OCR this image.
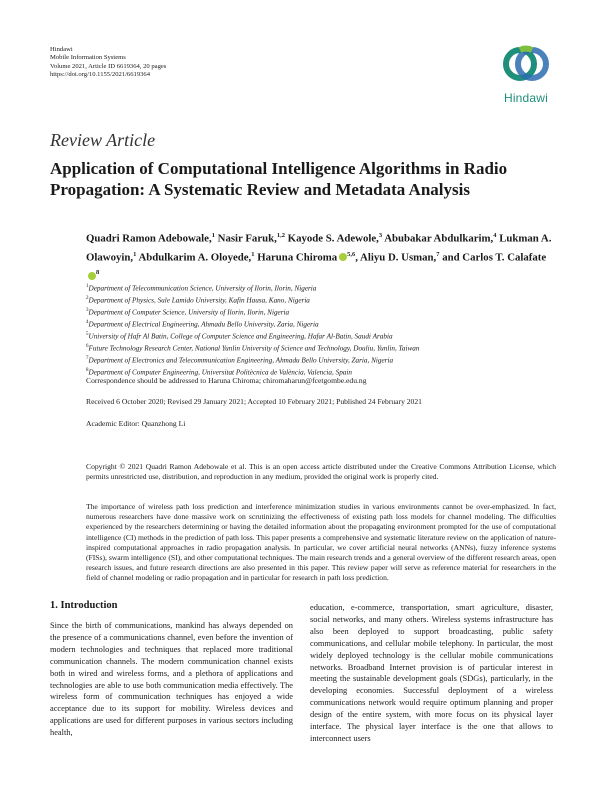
Hindawi
Mobile Information Systems
Volume 2021, Article ID 6619364, 20 pages
https://doi.org/10.1155/2021/6619364
Hindawi
Review Article
Application of Computational Intelligence Algorithms in Radio Propagation: A Systematic Review and Metadata Analysis
Quadri Ramon Adebowale,$^1$ Nasir Faruk,$^{1,2}$ Kayode S. Adewole,$^3$ Abubakar Abdulkarim,$^4$ Lukman A. Olawoyin,$^1$ Abdulkarim A. Oloyede,$^1$ Haruna Chiroma $^{5,6}$, Aliyu D. Usman,$^7$ and Carlos T. Calafate$^8$
$^1$Department of Telecommunication Science, University of Ilorin, Ilorin, Nigeria
$^2$Department of Physics, Sule Lamido University, Kafin Hausa, Kano, Nigeria
$^3$Department of Computer Science, University of Ilorin, Ilorin, Nigeria
$^4$Department of Electrical Engineering, Ahmadu Bello University, Zaria, Nigeria
$^5$University of Hafr Al Batin, College of Computer Science and Engineering, Hafar Al-Batin, Saudi Arabia
$^6$Future Technology Research Center, National Yunlin University of Science and Technology, Douliu, Yunlin, Taiwan
$^7$Department of Electronics and Telecommunication Engineering, Ahmadu Bello University, Zaria, Nigeria
$^8$Department of Computer Engineering, Universitat Politècnica de València, Valencia, Spain
Correspondence should be addressed to Haruna Chiroma; chiromaharun@fcetgombe.edu.ng
Received 6 October 2020; Revised 29 January 2021; Accepted 10 February 2021; Published 24 February 2021
Academic Editor: Quanzhong Li
Copyright © 2021 Quadri Ramon Adebowale et al. This is an open access article distributed under the Creative Commons Attribution License, which permits unrestricted use, distribution, and reproduction in any medium, provided the original work is properly cited.
The importance of wireless path loss prediction and interference minimization studies in various environments cannot be over-emphasized. In fact, numerous researchers have done massive work on scrutinizing the effectiveness of existing path loss models for channel modeling. The difficulties experienced by the researchers determining or having the detailed information about the propagating environment prompted for the use of computational intelligence (CI) methods in the prediction of path loss. This paper presents a comprehensive and systematic literature review on the application of nature-inspired computational approaches in radio propagation analysis. In particular, we cover artificial neural networks (ANNs), fuzzy inference systems (FISs), swarm intelligence (SI), and other computational techniques. The main research trends and a general overview of the different research areas, open research issues, and future research directions are also presented in this paper. This review paper will serve as reference material for researchers in the field of channel modeling or radio propagation and in particular for research in path loss prediction.
1. Introduction
Since the birth of communications, mankind has always depended on the presence of a communications channel, even before the invention of modern technologies and techniques that replaced more traditional communication channels. The modern communication channel exists both in wired and wireless forms, and a plethora of applications and technologies are able to use both communication media effectively. The wireless form of communication techniques has enjoyed a wide acceptance due to its support for mobility. Wireless devices and applications are used for different purposes in various sectors including health,
education, e-commerce, transportation, smart agriculture, disaster, social networks, and many others. Wireless systems infrastructure has also been deployed to support broadcasting, public safety communications, and cellular mobile telephony. In particular, the most widely deployed technology is the cellular mobile communications networks. Broadband Internet provision is of particular interest in meeting the sustainable development goals (SDGs), particularly, in the developing economies. Successful deployment of a wireless communications network would require optimum planning and proper design of the entire system, with more focus on its physical layer interface. The physical layer interface is the one that allows to interconnect users
